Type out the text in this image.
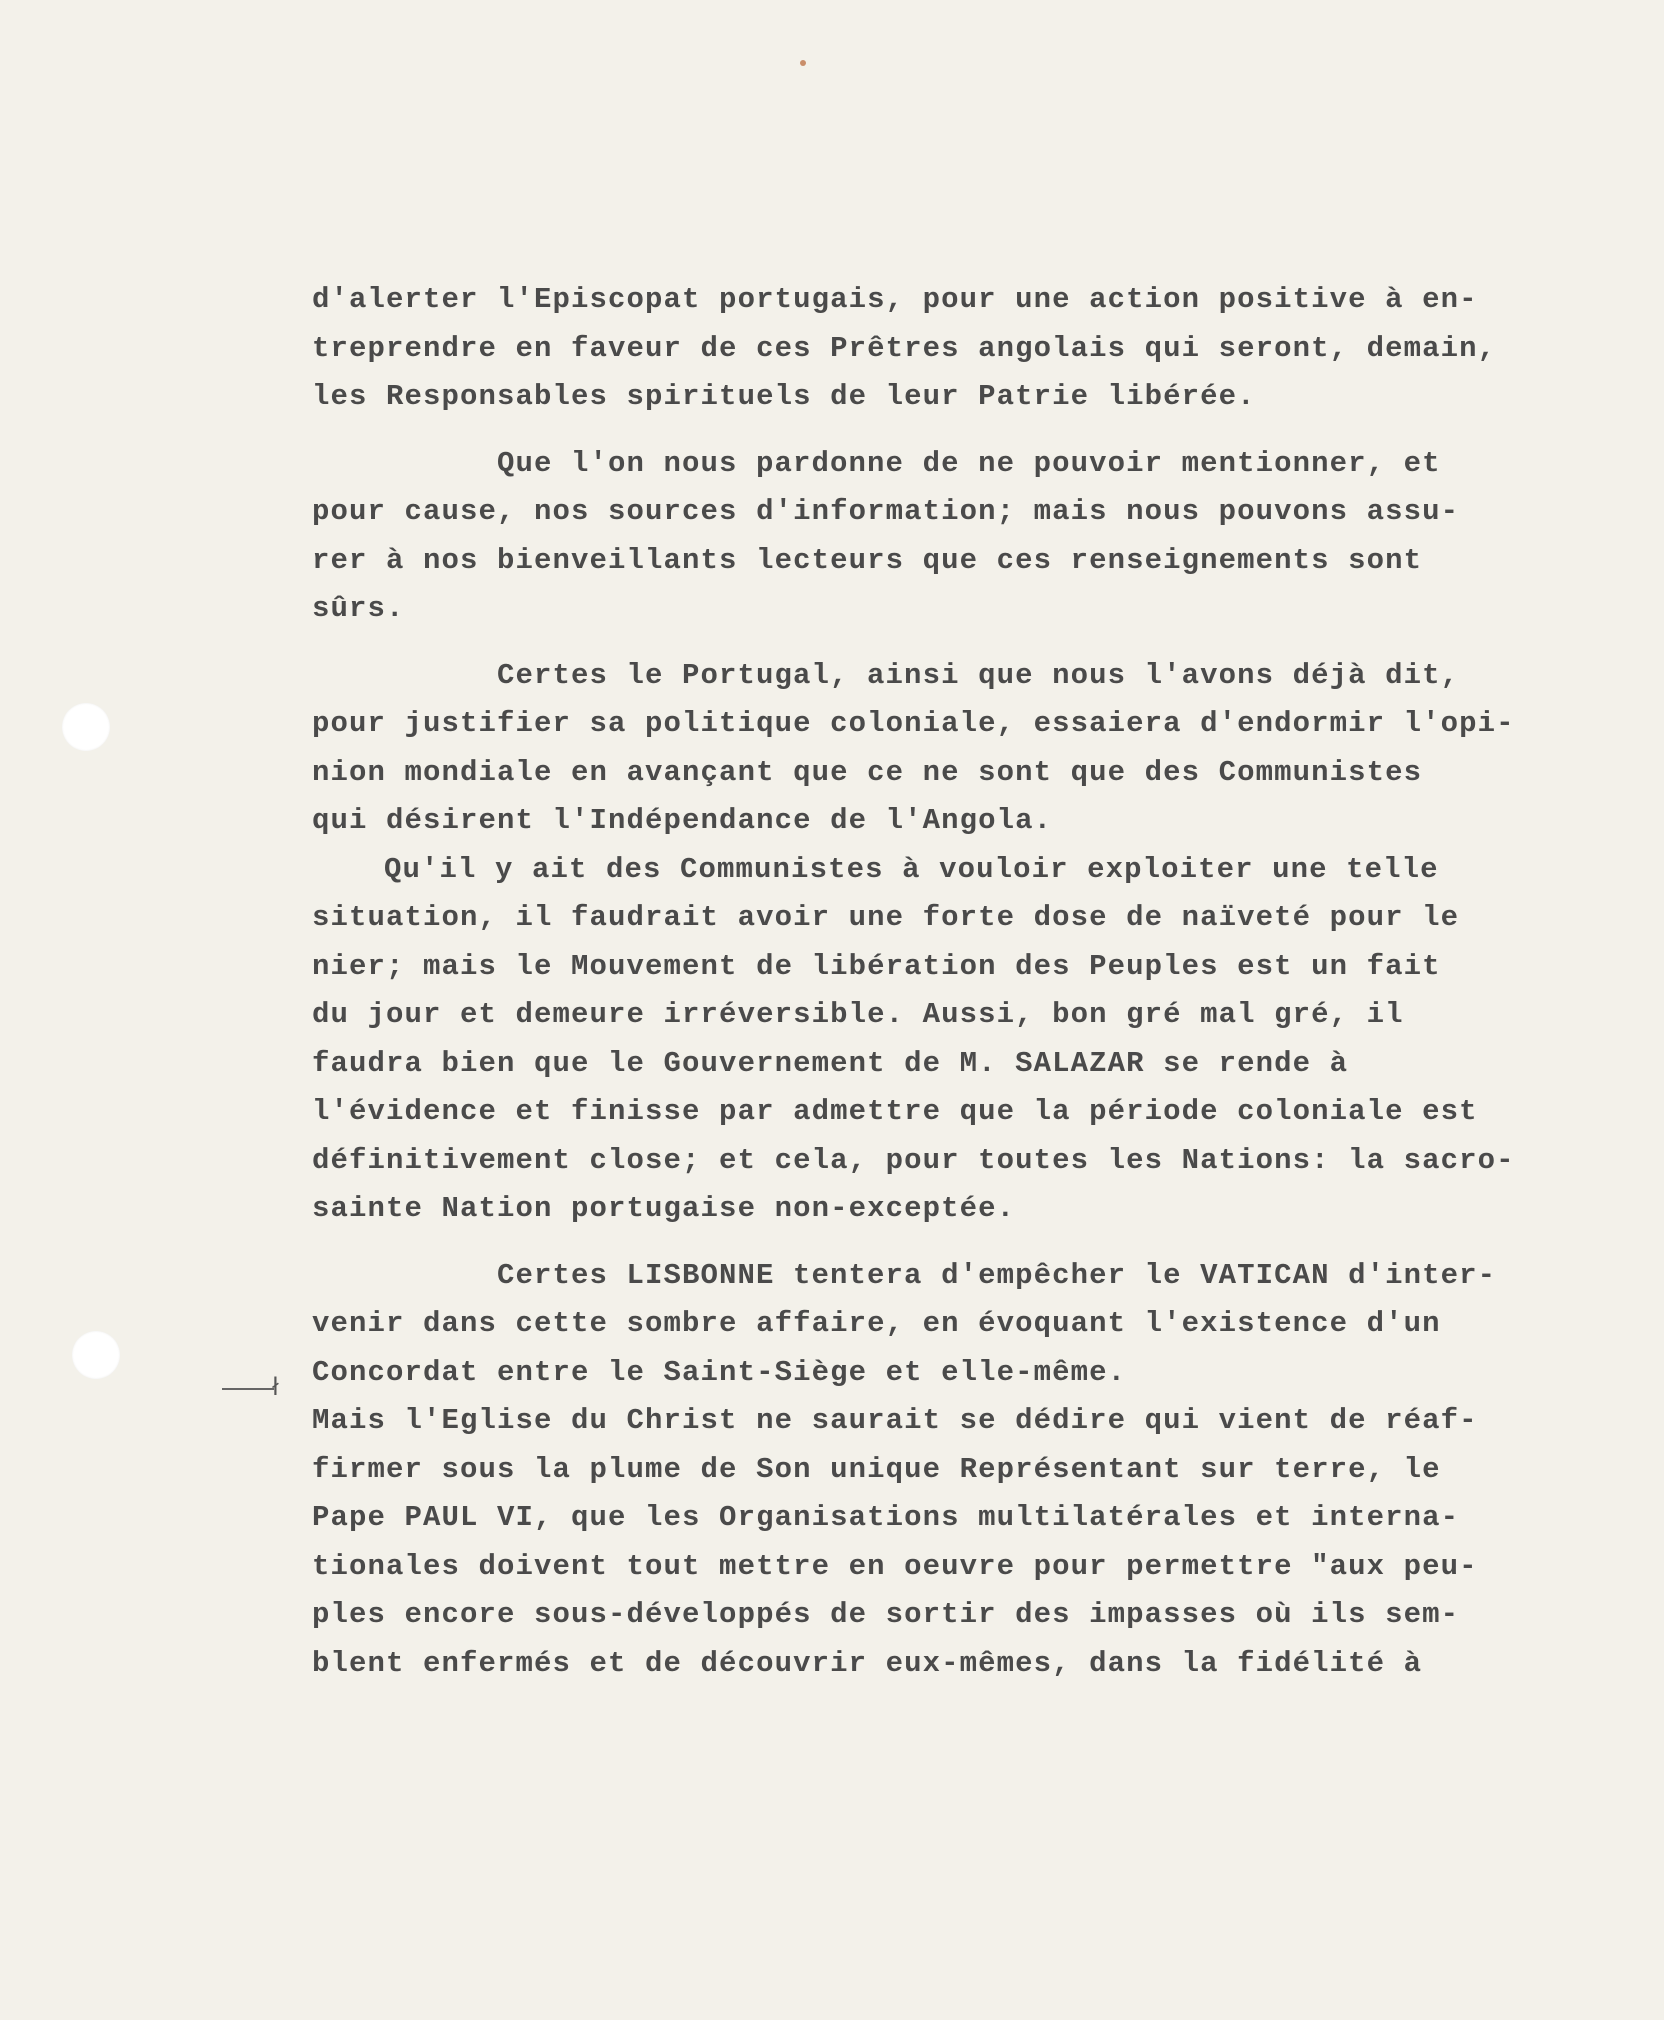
ł
d'alerter l'Episcopat portugais, pour une action positive à en-
treprendre en faveur de ces Prêtres angolais qui seront, demain,
les Responsables spirituels de leur Patrie libérée.
Que l'on nous pardonne de ne pouvoir mentionner, et
pour cause, nos sources d'information; mais nous pouvons assu-
rer à nos bienveillants lecteurs que ces renseignements sont
sûrs.
Certes le Portugal, ainsi que nous l'avons déjà dit,
pour justifier sa politique coloniale, essaiera d'endormir l'opi-
nion mondiale en avançant que ce ne sont que des Communistes
qui désirent l'Indépendance de l'Angola.
Qu'il y ait des Communistes à vouloir exploiter une telle
situation, il faudrait avoir une forte dose de naïveté pour le
nier; mais le Mouvement de libération des Peuples est un fait
du jour et demeure irréversible. Aussi, bon gré mal gré, il
faudra bien que le Gouvernement de M. SALAZAR se rende à
l'évidence et finisse par admettre que la période coloniale est
définitivement close; et cela, pour toutes les Nations: la sacro-
sainte Nation portugaise non-exceptée.
Certes LISBONNE tentera d'empêcher le VATICAN d'inter-
venir dans cette sombre affaire, en évoquant l'existence d'un
Concordat entre le Saint-Siège et elle-même.
Mais l'Eglise du Christ ne saurait se dédire qui vient de réaf-
firmer sous la plume de Son unique Représentant sur terre, le
Pape PAUL VI, que les Organisations multilatérales et interna-
tionales doivent tout mettre en oeuvre pour permettre "aux peu-
ples encore sous-développés de sortir des impasses où ils sem-
blent enfermés et de découvrir eux-mêmes, dans la fidélité à
